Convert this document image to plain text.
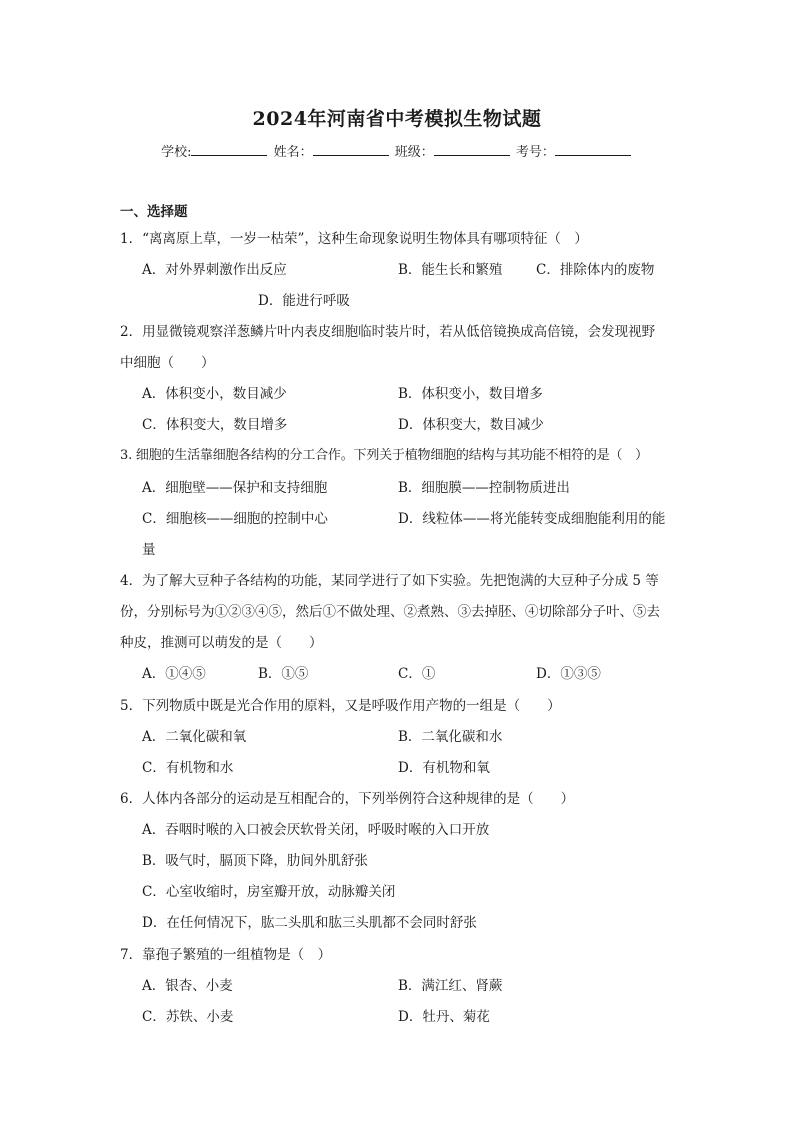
2024年河南省中考模拟生物试题
学校:	姓名：	班级：	考号：
一、选择题
1．“离离原上草，一岁一枯荣”，这种生命现象说明生物体具有哪项特征（　）
A．对外界刺激作出反应	B．能生长和繁殖 C．排除体内的废物
D．能进行呼吸
2．用显微镜观察洋葱鳞片叶内表皮细胞临时装片时，若从低倍镜换成高倍镜，会发现视野
中细胞（　　）
A．体积变小，数目减少	B．体积变小，数目增多
C．体积变大，数目增多	D．体积变大，数目减少
3. 细胞的生活靠细胞各结构的分工合作。下列关于植物细胞的结构与其功能不相符的是（　）
A．细胞壁——保护和支持细胞	B．细胞膜——控制物质进出
C．细胞核——细胞的控制中心	D．线粒体——将光能转变成细胞能利用的能
量
4．为了解大豆种子各结构的功能，某同学进行了如下实验。先把饱满的大豆种子分成 5 等
份，分别标号为①②③④⑤，然后①不做处理、②煮熟、③去掉胚、④切除部分子叶、⑤去
种皮，推测可以萌发的是（　　）
A．①④⑤	B．①⑤	C．①	D．①③⑤
5．下列物质中既是光合作用的原料，又是呼吸作用产物的一组是（　　）
A．二氧化碳和氧	B．二氧化碳和水
C．有机物和水	D．有机物和氧
6．人体内各部分的运动是互相配合的，下列举例符合这种规律的是（　　）
A．吞咽时喉的入口被会厌软骨关闭，呼吸时喉的入口开放
B．吸气时，膈顶下降，肋间外肌舒张
C．心室收缩时，房室瓣开放，动脉瓣关闭
D．在任何情况下，肱二头肌和肱三头肌都不会同时舒张
7．靠孢子繁殖的一组植物是（　）
A．银杏、小麦	B．满江红、肾蕨
C．苏铁、小麦	D．牡丹、菊花
